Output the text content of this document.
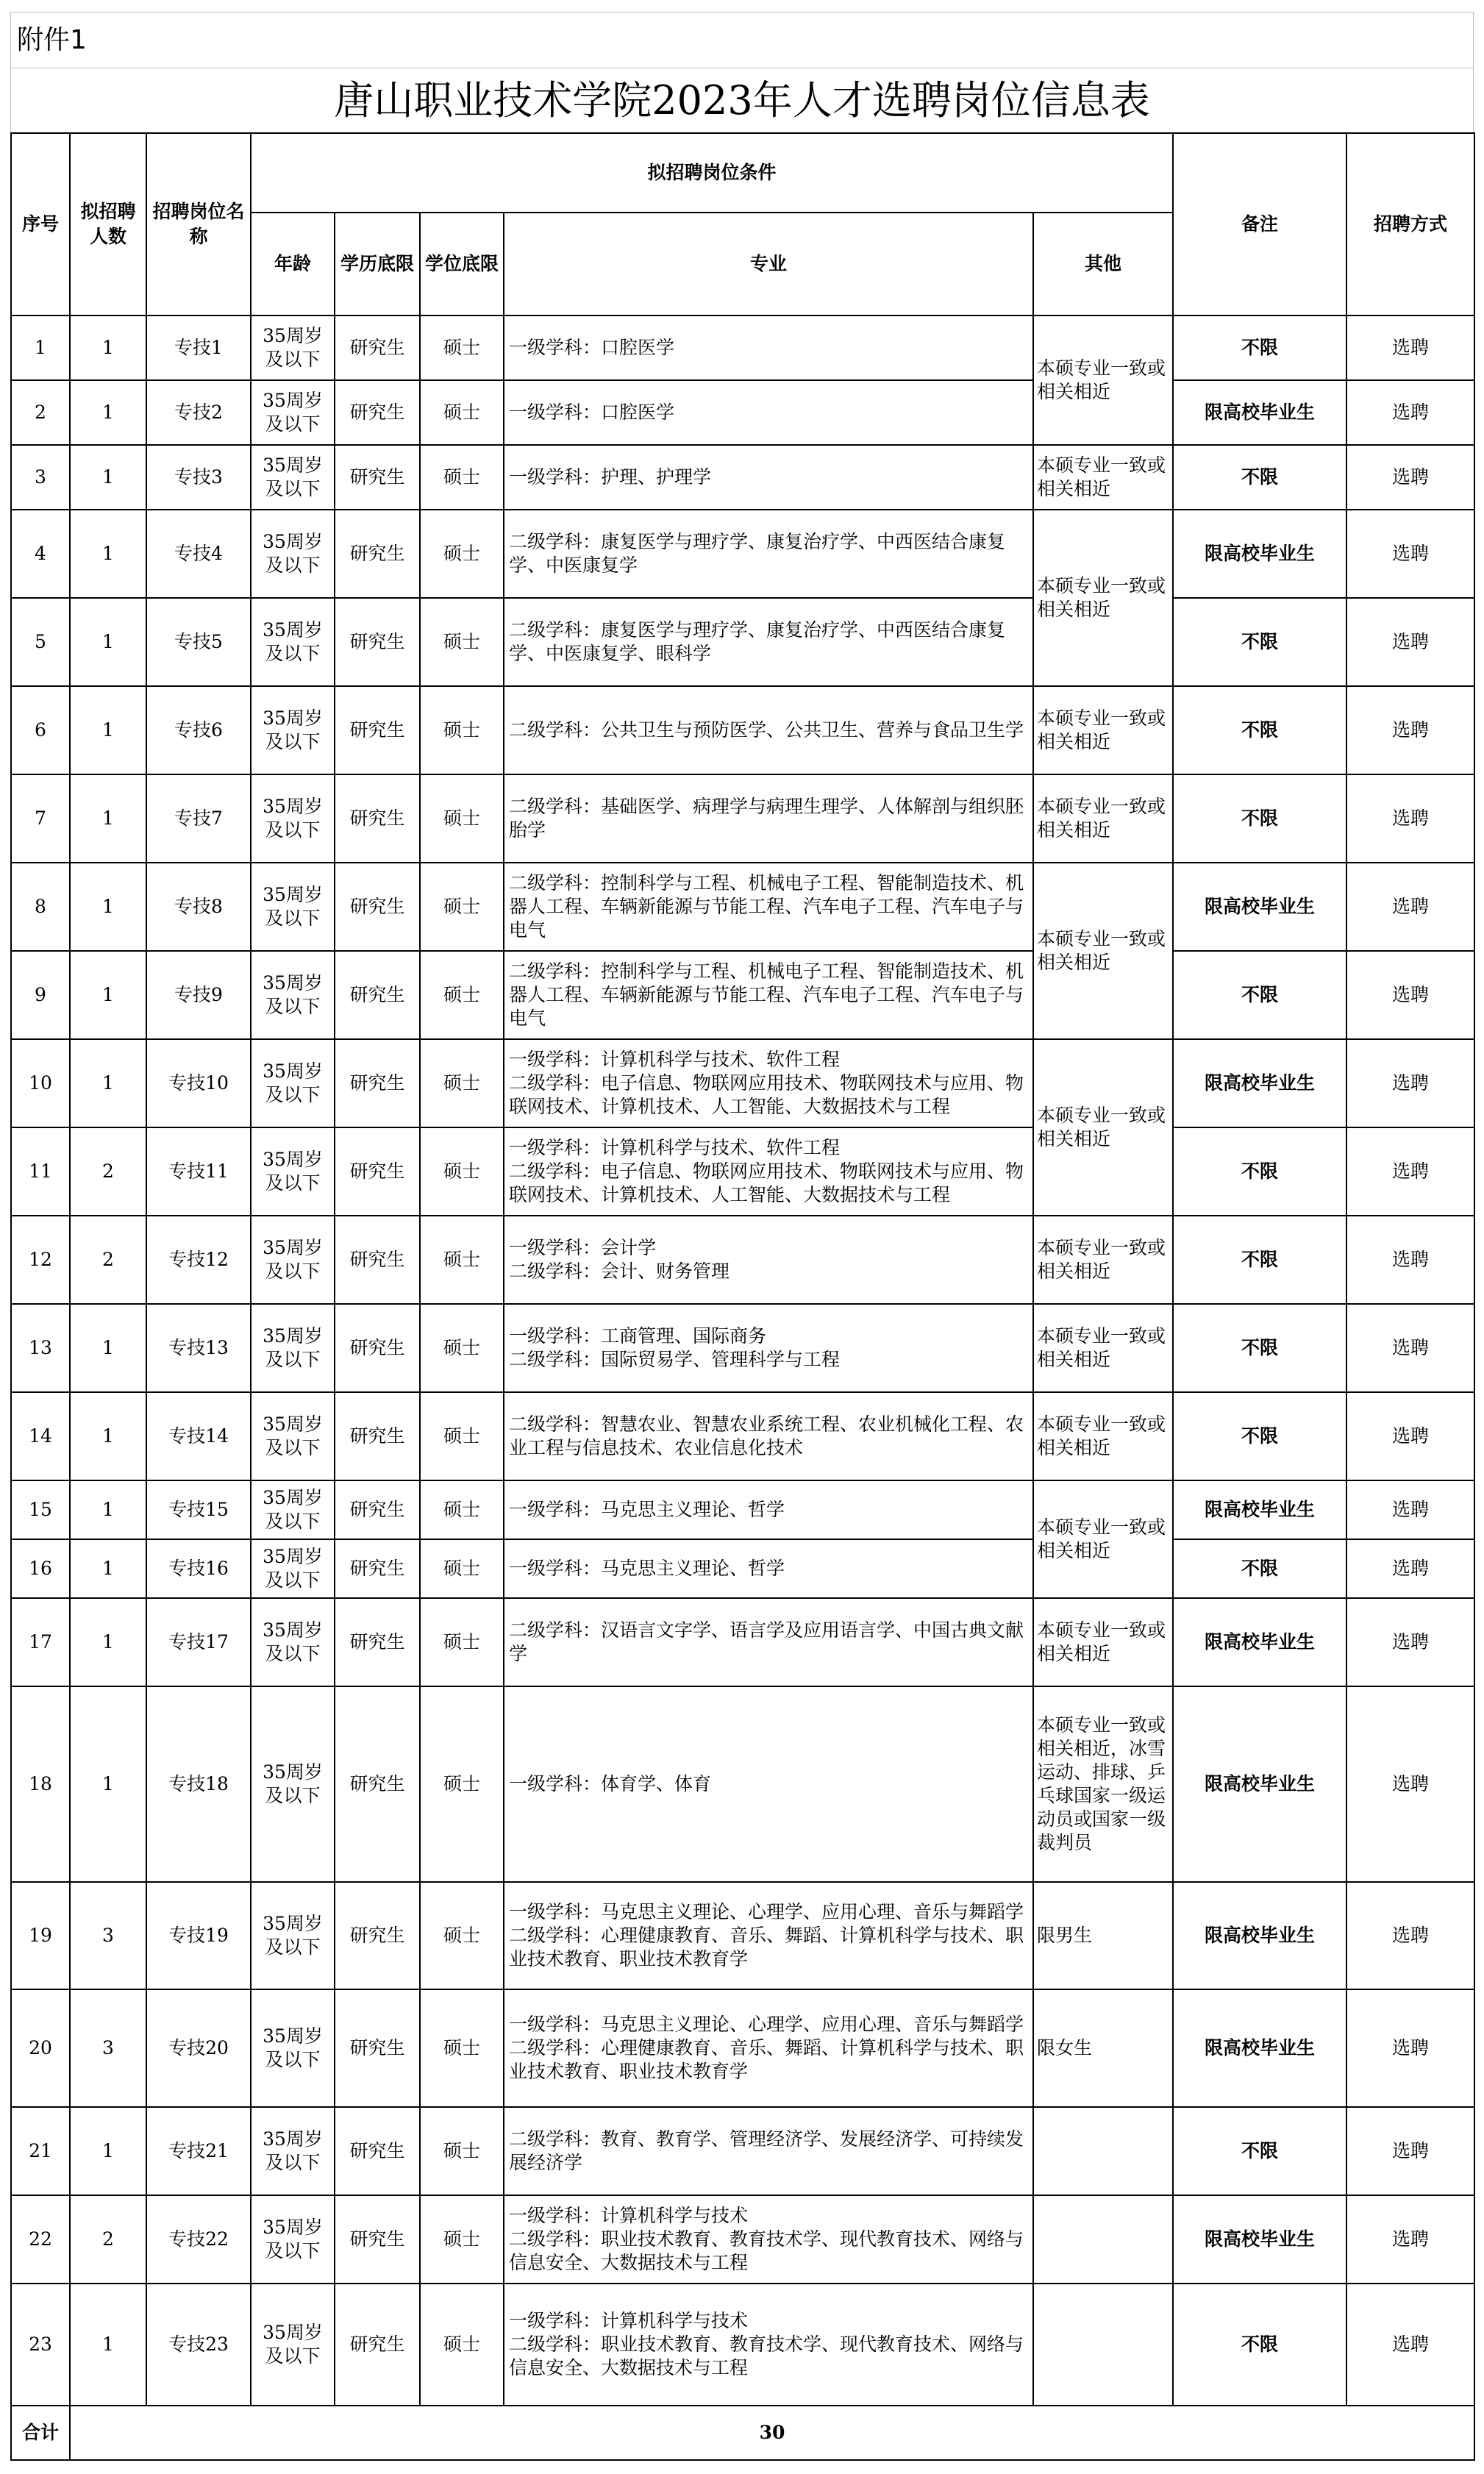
附件1
唐山职业技术学院2023年人才选聘岗位信息表
序号	拟招聘人数	招聘岗位名称	拟招聘岗位条件					备注	招聘方式
			年龄	学历底限	学位底限	专业	其他		
1	1	专技1	35周岁及以下	研究生	硕士	一级学科：口腔医学	本硕专业一致或相关相近	不限	选聘
2	1	专技2	35周岁及以下	研究生	硕士	一级学科：口腔医学		限高校毕业生	选聘
3	1	专技3	35周岁及以下	研究生	硕士	一级学科：护理、护理学	本硕专业一致或相关相近	不限	选聘
4	1	专技4	35周岁及以下	研究生	硕士	二级学科：康复医学与理疗学、康复治疗学、中西医结合康复学、中医康复学	本硕专业一致或相关相近	限高校毕业生	选聘
5	1	专技5	35周岁及以下	研究生	硕士	二级学科：康复医学与理疗学、康复治疗学、中西医结合康复学、中医康复学、眼科学		不限	选聘
6	1	专技6	35周岁及以下	研究生	硕士	二级学科：公共卫生与预防医学、公共卫生、营养与食品卫生学	本硕专业一致或相关相近	不限	选聘
7	1	专技7	35周岁及以下	研究生	硕士	二级学科：基础医学、病理学与病理生理学、人体解剖与组织胚胎学	本硕专业一致或相关相近	不限	选聘
8	1	专技8	35周岁及以下	研究生	硕士	二级学科：控制科学与工程、机械电子工程、智能制造技术、机器人工程、车辆新能源与节能工程、汽车电子工程、汽车电子与电气	本硕专业一致或相关相近	限高校毕业生	选聘
9	1	专技9	35周岁及以下	研究生	硕士	二级学科：控制科学与工程、机械电子工程、智能制造技术、机器人工程、车辆新能源与节能工程、汽车电子工程、汽车电子与电气		不限	选聘
10	1	专技10	35周岁及以下	研究生	硕士	一级学科：计算机科学与技术、软件工程
二级学科：电子信息、物联网应用技术、物联网技术与应用、物联网技术、计算机技术、人工智能、大数据技术与工程	本硕专业一致或相关相近	限高校毕业生	选聘
11	2	专技11	35周岁及以下	研究生	硕士	一级学科：计算机科学与技术、软件工程
二级学科：电子信息、物联网应用技术、物联网技术与应用、物联网技术、计算机技术、人工智能、大数据技术与工程		不限	选聘
12	2	专技12	35周岁及以下	研究生	硕士	一级学科：会计学
二级学科：会计、财务管理	本硕专业一致或相关相近	不限	选聘
13	1	专技13	35周岁及以下	研究生	硕士	一级学科：工商管理、国际商务
二级学科：国际贸易学、管理科学与工程	本硕专业一致或相关相近	不限	选聘
14	1	专技14	35周岁及以下	研究生	硕士	二级学科：智慧农业、智慧农业系统工程、农业机械化工程、农业工程与信息技术、农业信息化技术	本硕专业一致或相关相近	不限	选聘
15	1	专技15	35周岁及以下	研究生	硕士	一级学科：马克思主义理论、哲学	本硕专业一致或相关相近	限高校毕业生	选聘
16	1	专技16	35周岁及以下	研究生	硕士	一级学科：马克思主义理论、哲学		不限	选聘
17	1	专技17	35周岁及以下	研究生	硕士	二级学科：汉语言文字学、语言学及应用语言学、中国古典文献学	本硕专业一致或相关相近	限高校毕业生	选聘
18	1	专技18	35周岁及以下	研究生	硕士	一级学科：体育学、体育	本硕专业一致或相关相近，冰雪运动、排球、乒乓球国家一级运动员或国家一级裁判员	限高校毕业生	选聘
19	3	专技19	35周岁及以下	研究生	硕士	一级学科：马克思主义理论、心理学、应用心理、音乐与舞蹈学
二级学科：心理健康教育、音乐、舞蹈、计算机科学与技术、职业技术教育、职业技术教育学	限男生	限高校毕业生	选聘
20	3	专技20	35周岁及以下	研究生	硕士	一级学科：马克思主义理论、心理学、应用心理、音乐与舞蹈学
二级学科：心理健康教育、音乐、舞蹈、计算机科学与技术、职业技术教育、职业技术教育学	限女生	限高校毕业生	选聘
21	1	专技21	35周岁及以下	研究生	硕士	二级学科：教育、教育学、管理经济学、发展经济学、可持续发展经济学		不限	选聘
22	2	专技22	35周岁及以下	研究生	硕士	一级学科：计算机科学与技术
二级学科：职业技术教育、教育技术学、现代教育技术、网络与信息安全、大数据技术与工程		限高校毕业生	选聘
23	1	专技23	35周岁及以下	研究生	硕士	一级学科：计算机科学与技术
二级学科：职业技术教育、教育技术学、现代教育技术、网络与信息安全、大数据技术与工程		不限	选聘
合计	30								
